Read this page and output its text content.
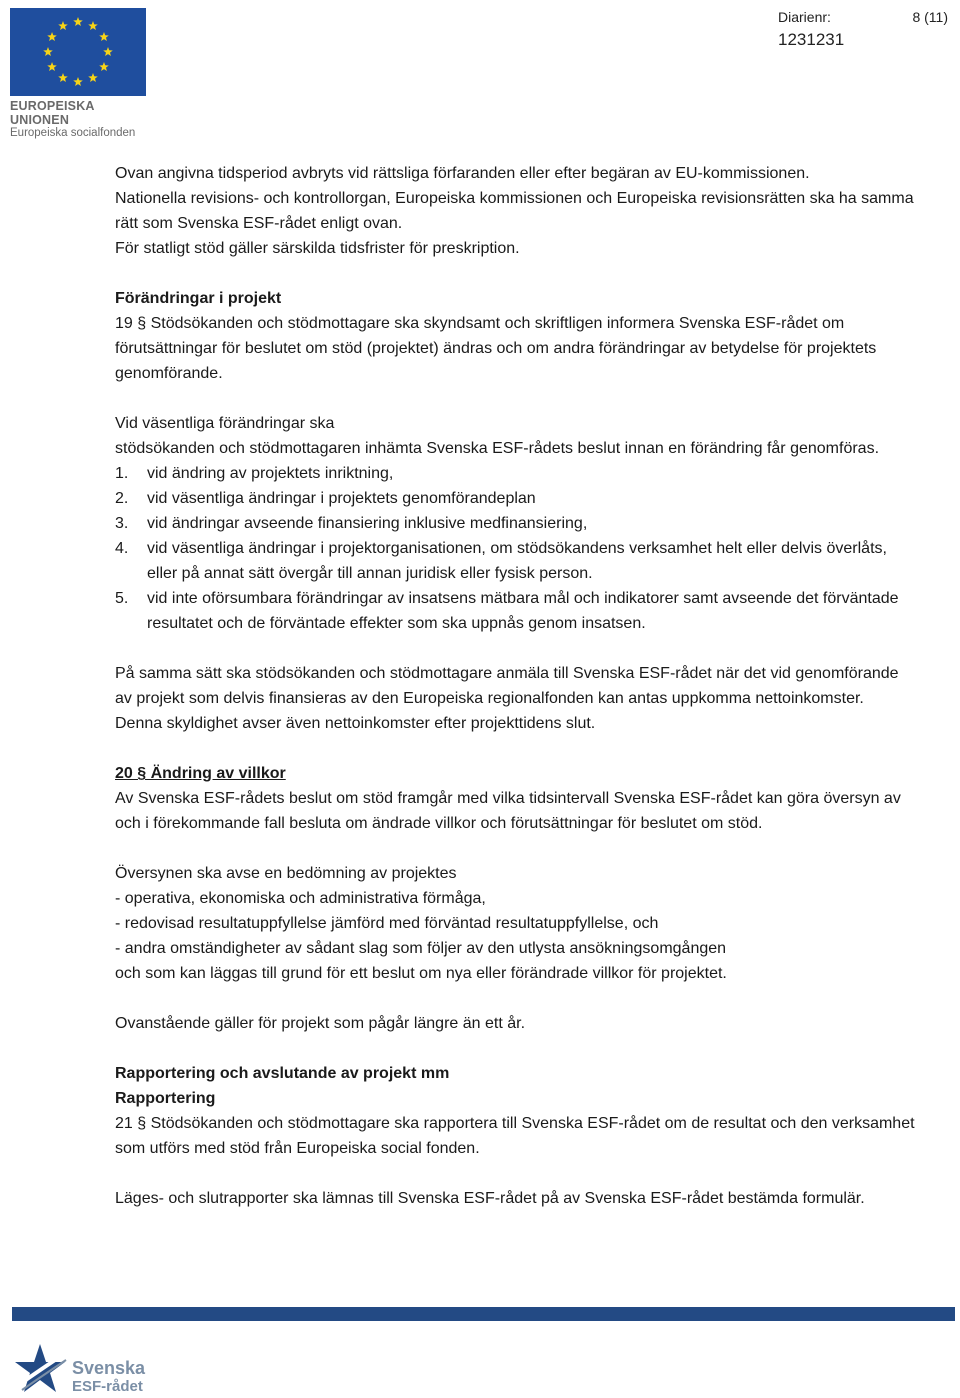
EUROPEISKA UNIONEN
Europeiska socialfonden
Diarienr:	8 (11)
1231231

Ovan angivna tidsperiod avbryts vid rättsliga förfaranden eller efter begäran av EU-kommissionen.

Nationella revisions- och kontrollorgan, Europeiska kommissionen och Europeiska revisionsrätten ska ha samma rätt som Svenska ESF-rådet enligt ovan.

För statligt stöd gäller särskilda tidsfrister för preskription.

Förändringar i projekt

19 § Stödsökanden och stödmottagare ska skyndsamt och skriftligen informera Svenska ESF-rådet om förutsättningar för beslutet om stöd (projektet) ändras och om andra förändringar av betydelse för projektets genomförande.

Vid väsentliga förändringar ska

stödsökanden och stödmottagaren inhämta Svenska ESF-rådets beslut innan en förändring får genomföras.

1. vid ändring av projektets inriktning,
2. vid väsentliga ändringar i projektets genomförandeplan
3. vid ändringar avseende finansiering inklusive medfinansiering,
4. vid väsentliga ändringar i projektorganisationen, om stödsökandens verksamhet helt eller delvis överlåts, eller på annat sätt övergår till annan juridisk eller fysisk person.
5. vid inte oförsumbara förändringar av insatsens mätbara mål och indikatorer samt avseende det förväntade resultatet och de förväntade effekter som ska uppnås genom insatsen.

På samma sätt ska stödsökanden och stödmottagare anmäla till Svenska ESF-rådet när det vid genomförande av projekt som delvis finansieras av den Europeiska regionalfonden kan antas uppkomma nettoinkomster. Denna skyldighet avser även nettoinkomster efter projekttidens slut.

20 § Ändring av villkor

Av Svenska ESF-rådets beslut om stöd framgår med vilka tidsintervall Svenska ESF-rådet kan göra översyn av och i förekommande fall besluta om ändrade villkor och förutsättningar för beslutet om stöd.

Översynen ska avse en bedömning av projektes

- operativa, ekonomiska och administrativa förmåga,

- redovisad resultatuppfyllelse jämförd med förväntad resultatuppfyllelse, och

- andra omständigheter av sådant slag som följer av den utlysta ansökningsomgången

och som kan läggas till grund för ett beslut om nya eller förändrade villkor för projektet.

Ovanstående gäller för projekt som pågår längre än ett år.

Rapportering och avslutande av projekt mm

Rapportering

21 § Stödsökanden och stödmottagare ska rapportera till Svenska ESF-rådet om de resultat och den verksamhet som utförs med stöd från Europeiska social fonden.

Läges- och slutrapporter ska lämnas till Svenska ESF-rådet på av Svenska ESF-rådet bestämda formulär.

Svenska
ESF-rådet
